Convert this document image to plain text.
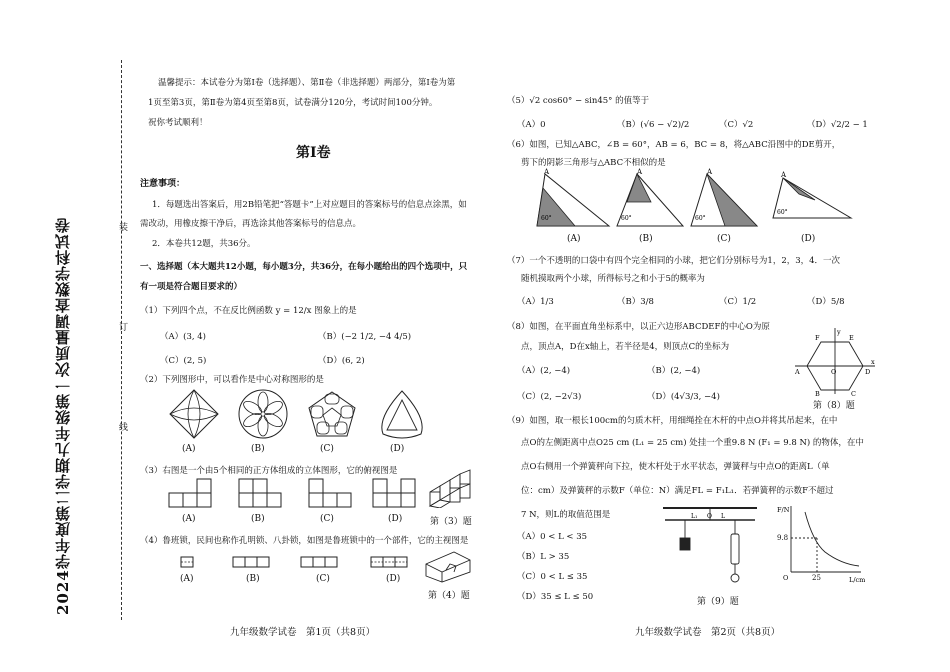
2024学年度第二学期九年级第一次质量调查数学科试卷	装
订
线
温馨提示：本试卷分为第Ⅰ卷（选择题）、第Ⅱ卷（非选择题）两部分，第Ⅰ卷为第
1页至第3页，第Ⅱ卷为第4页至第8页，试卷满分120分，考试时间100分钟。
祝你考试顺利！
第Ⅰ卷
注意事项：
1．每题选出答案后，用2B铅笔把“答题卡”上对应题目的答案标号的信息点涂黑，如
需改动，用橡皮擦干净后，再选涂其他答案标号的信息点。
2．本卷共12题，共36分。
一、选择题（本大题共12小题，每小题3分，共36分，在每小题给出的四个选项中，只
有一项是符合题目要求的）
（1）下列四个点，不在反比例函数 y = 12/x 图象上的是
（A）(3, 4)	（B）(−2 1/2, −4 4/5)
（C）(2, 5)	（D）(6, 2)
（2）下列图形中，可以看作是中心对称图形的是
(A)	(B)	(C)	(D)
（3）右图是一个由5个相同的正方体组成的立体图形，它的俯视图是
(A)	(B)	(C)	(D)	第（3）题
（4）鲁班锁，民间也称作孔明锁、八卦锁，如图是鲁班锁中的一个部件，它的主视图是
(A)	(B)	(C)	(D)
第（4）题
九年级数学试卷　第1页（共8页）
（5）√2 cos60° − sin45° 的值等于
（A）0	（B）(√6 − √2)/2	（C）√2	（D）√2/2 − 1
（6）如图，已知△ABC，∠B = 60°，AB = 6，BC = 8，将△ABC沿图中的DE剪开，
剪下的阴影三角形与△ABC不相似的是
A
60°
A
60°
A
60°
A
60°
(A)	(B)	(C)	(D)
（7）一个不透明的口袋中有四个完全相同的小球，把它们分别标号为1，2，3，4．一次
随机摸取两个小球，所得标号之和小于5的概率为
（A）1/3	（B）3/8	（C）1/2	（D）5/8
（8）如图，在平面直角坐标系中，以正六边形ABCDEF的中心O为原
点，顶点A，D在x轴上，若半径是4，则顶点C的坐标为
（A）(2, −4)	（B）(2, −4)
（C）(2, −2√3)	（D）(4√3/3, −4)
F	E
A	O	D
B	C
y
x
第（8）题
（9）如图，取一根长100cm的匀质木杆，用细绳拴在木杆的中点O并将其吊起来，在中
点O的左侧距离中点O25 cm (L₁ = 25 cm) 处挂一个重9.8 N (F₁ = 9.8 N) 的物体，在中
点O右侧用一个弹簧秤向下拉，使木杆处于水平状态，弹簧秤与中点O的距离L（单
位：cm）及弹簧秤的示数F（单位：N）满足FL = F₁L₁．若弹簧秤的示数F不超过
7 N，则L的取值范围是
（A）0 < L < 35
（B）L > 35
（C）0 < L ≤ 35
（D）35 ≤ L ≤ 50
L₁ O L
F/N
L/cm
O
9.8
25
第（9）题
九年级数学试卷　第2页（共8页）
